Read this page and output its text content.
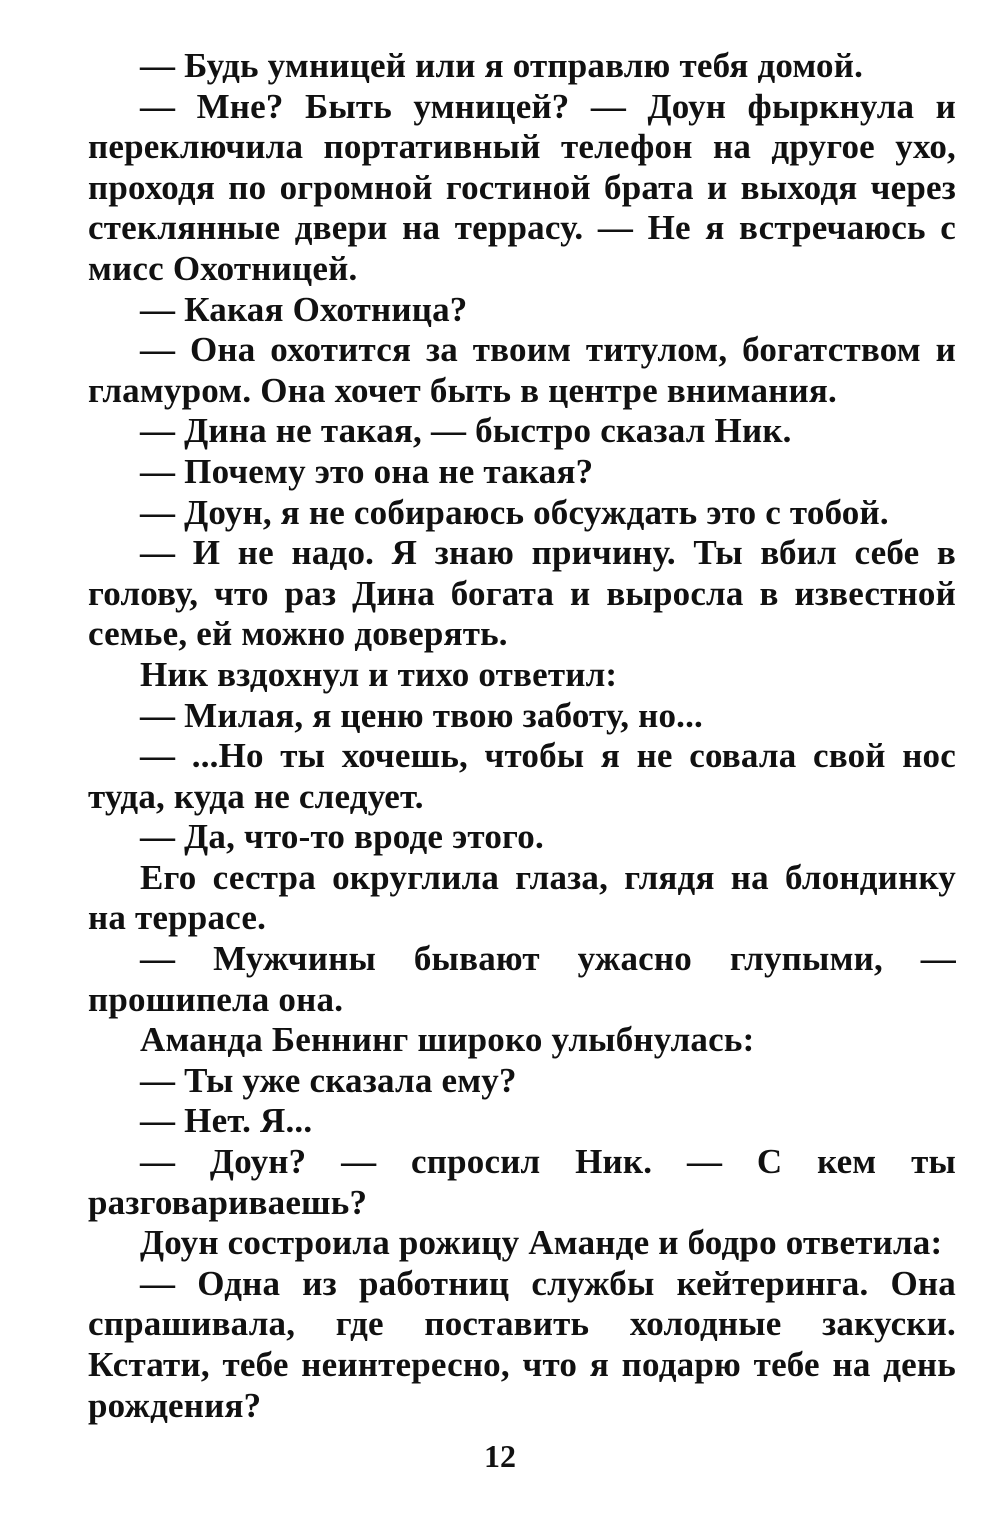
— Будь умницей или я отправлю тебя домой.

— Мне? Быть умницей? — Доун фыркнула и переключила портативный телефон на другое ухо, проходя по огромной гостиной брата и выходя через стеклянные двери на террасу. — Не я встречаюсь с мисс Охотницей.

— Какая Охотница?

— Она охотится за твоим титулом, богатством и гламуром. Она хочет быть в центре внимания.

— Дина не такая, — быстро сказал Ник.

— Почему это она не такая?

— Доун, я не собираюсь обсуждать это с тобой.

— И не надо. Я знаю причину. Ты вбил себе в голову, что раз Дина богата и выросла в известной семье, ей можно доверять.

Ник вздохнул и тихо ответил:

— Милая, я ценю твою заботу, но...

— ...Но ты хочешь, чтобы я не совала свой нос туда, куда не следует.

— Да, что-то вроде этого.

Его сестра округлила глаза, глядя на блондинку на террасе.

— Мужчины бывают ужасно глупыми, — прошипела она.

Аманда Беннинг широко улыбнулась:

— Ты уже сказала ему?

— Нет. Я...

— Доун? — спросил Ник. — С кем ты разговариваешь?

Доун состроила рожицу Аманде и бодро ответила:

— Одна из работниц службы кейтеринга. Она спрашивала, где поставить холодные закуски. Кстати, тебе неинтересно, что я подарю тебе на день рождения?

12
